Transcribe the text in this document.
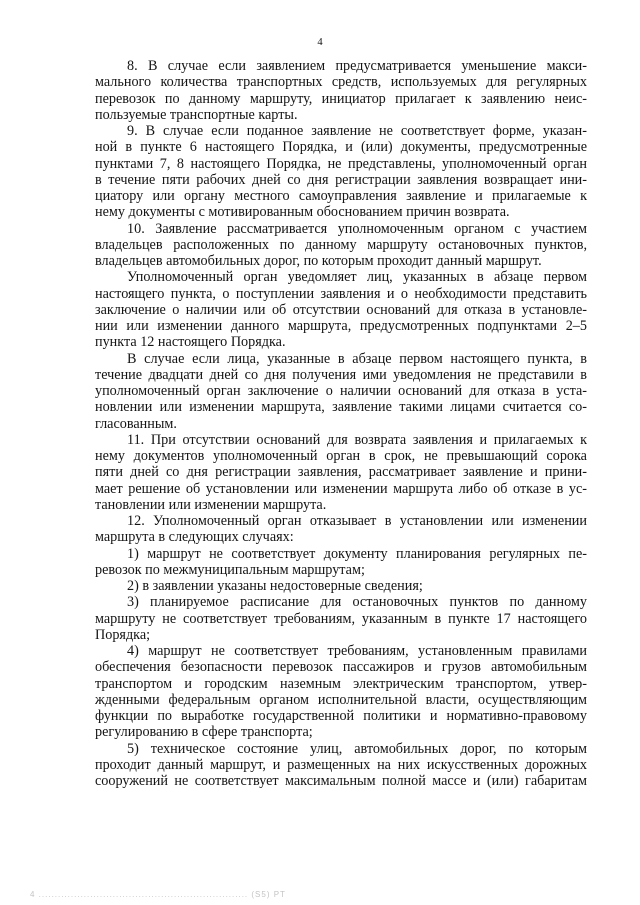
4

8. В случае если заявлением предусматривается уменьшение макси-
мального количества транспортных средств, используемых для регулярных
перевозок по данному маршруту, инициатор прилагает к заявлению неис-
пользуемые транспортные карты.

9. В случае если поданное заявление не соответствует форме, указан-
ной в пункте 6 настоящего Порядка, и (или) документы, предусмотренные
пунктами 7, 8 настоящего Порядка, не представлены, уполномоченный орган
в течение пяти рабочих дней со дня регистрации заявления возвращает ини-
циатору или органу местного самоуправления заявление и прилагаемые к
нему документы с мотивированным обоснованием причин возврата.

10. Заявление рассматривается уполномоченным органом с участием
владельцев расположенных по данному маршруту остановочных пунктов,
владельцев автомобильных дорог, по которым проходит данный маршрут.

Уполномоченный орган уведомляет лиц, указанных в абзаце первом
настоящего пункта, о поступлении заявления и о необходимости представить
заключение о наличии или об отсутствии оснований для отказа в установле-
нии или изменении данного маршрута, предусмотренных подпунктами 2–5
пункта 12 настоящего Порядка.

В случае если лица, указанные в абзаце первом настоящего пункта, в
течение двадцати дней со дня получения ими уведомления не представили в
уполномоченный орган заключение о наличии оснований для отказа в уста-
новлении или изменении маршрута, заявление такими лицами считается со-
гласованным.

11. При отсутствии оснований для возврата заявления и прилагаемых к
нему документов уполномоченный орган в срок, не превышающий сорока
пяти дней со дня регистрации заявления, рассматривает заявление и прини-
мает решение об установлении или изменении маршрута либо об отказе в ус-
тановлении или изменении маршрута.

12. Уполномоченный орган отказывает в установлении или изменении
маршрута в следующих случаях:

1) маршрут не соответствует документу планирования регулярных пе-
ревозок по межмуниципальным маршрутам;

2) в заявлении указаны недостоверные сведения;

3) планируемое расписание для остановочных пунктов по данному
маршруту не соответствует требованиям, указанным в пункте 17 настоящего
Порядка;

4) маршрут не соответствует требованиям, установленным правилами
обеспечения безопасности перевозок пассажиров и грузов автомобильным
транспортом и городским наземным электрическим транспортом, утвер-
жденными федеральным органом исполнительной власти, осуществляющим
функции по выработке государственной политики и нормативно-правовому
регулированию в сфере транспорта;

5) техническое состояние улиц, автомобильных дорог, по которым
проходит данный маршрут, и размещенных на них искусственных дорожных
сооружений не соответствует максимальным полной массе и (или) габаритам

4 ................................................................. (S5) PT
